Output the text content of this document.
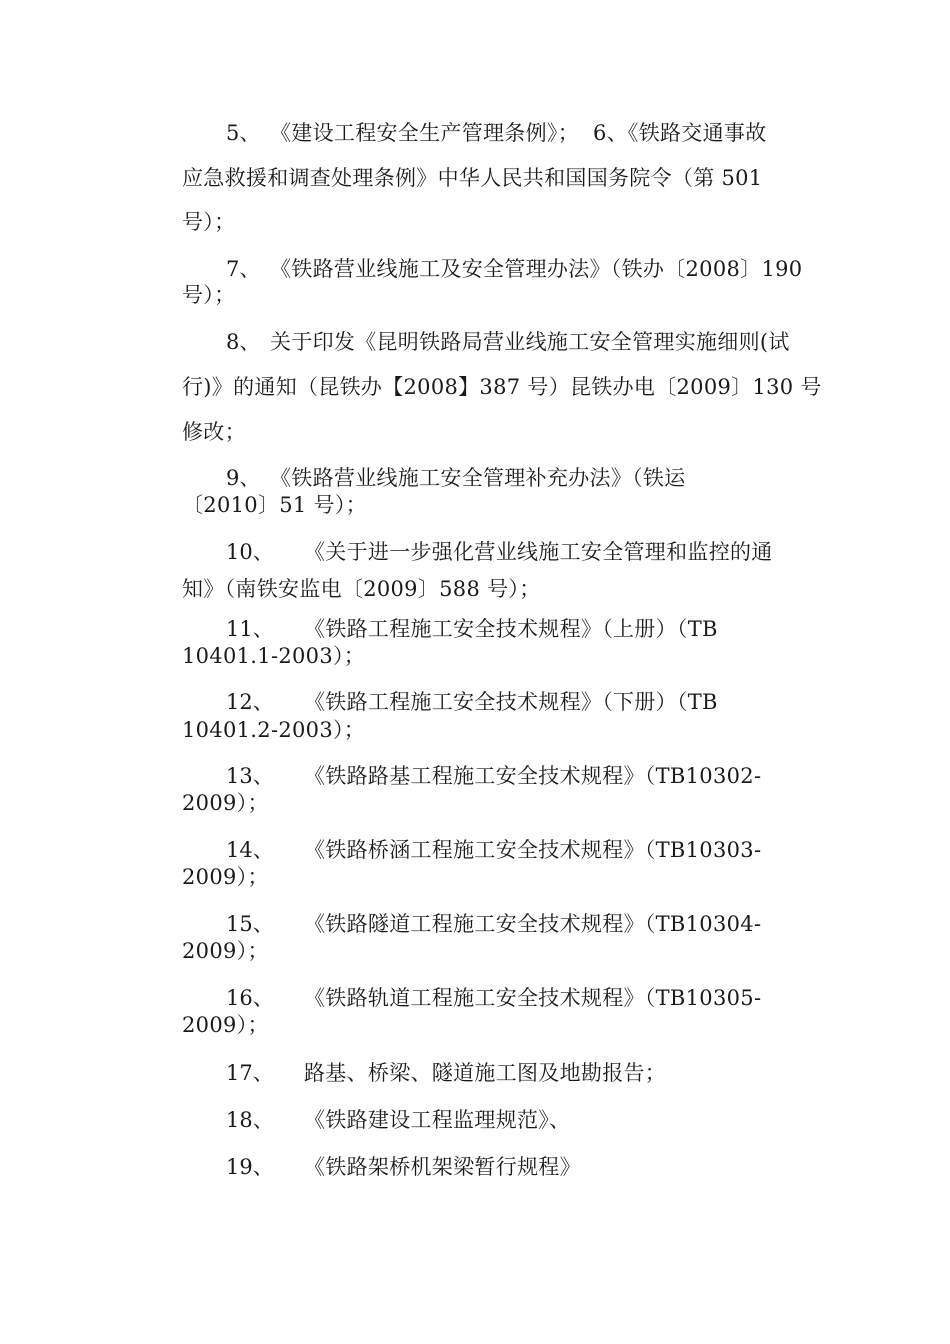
5、 《建设工程安全生产管理条例》；  6、《铁路交通事故
应急救援和调查处理条例》中华人民共和国国务院令（第 501
号）；
7、 《铁路营业线施工及安全管理办法》（铁办〔2008〕190
号）；
8、 关于印发《昆明铁路局营业线施工安全管理实施细则(试
行)》的通知（昆铁办【2008】387 号）昆铁办电〔2009〕130 号
修改；
9、 《铁路营业线施工安全管理补充办法》（铁运
〔2010〕51 号）；
10、 《关于进一步强化营业线施工安全管理和监控的通
知》（南铁安监电〔2009〕588 号）；
11、 《铁路工程施工安全技术规程》（上册）（TB
10401.1-2003）；
12、 《铁路工程施工安全技术规程》（下册）（TB
10401.2-2003）；
13、 《铁路路基工程施工安全技术规程》（TB10302-
2009）；
14、 《铁路桥涵工程施工安全技术规程》（TB10303-
2009）；
15、 《铁路隧道工程施工安全技术规程》（TB10304-
2009）；
16、 《铁路轨道工程施工安全技术规程》（TB10305-
2009）；
17、 路基、桥梁、隧道施工图及地勘报告；
18、 《铁路建设工程监理规范》、
19、 《铁路架桥机架梁暂行规程》
